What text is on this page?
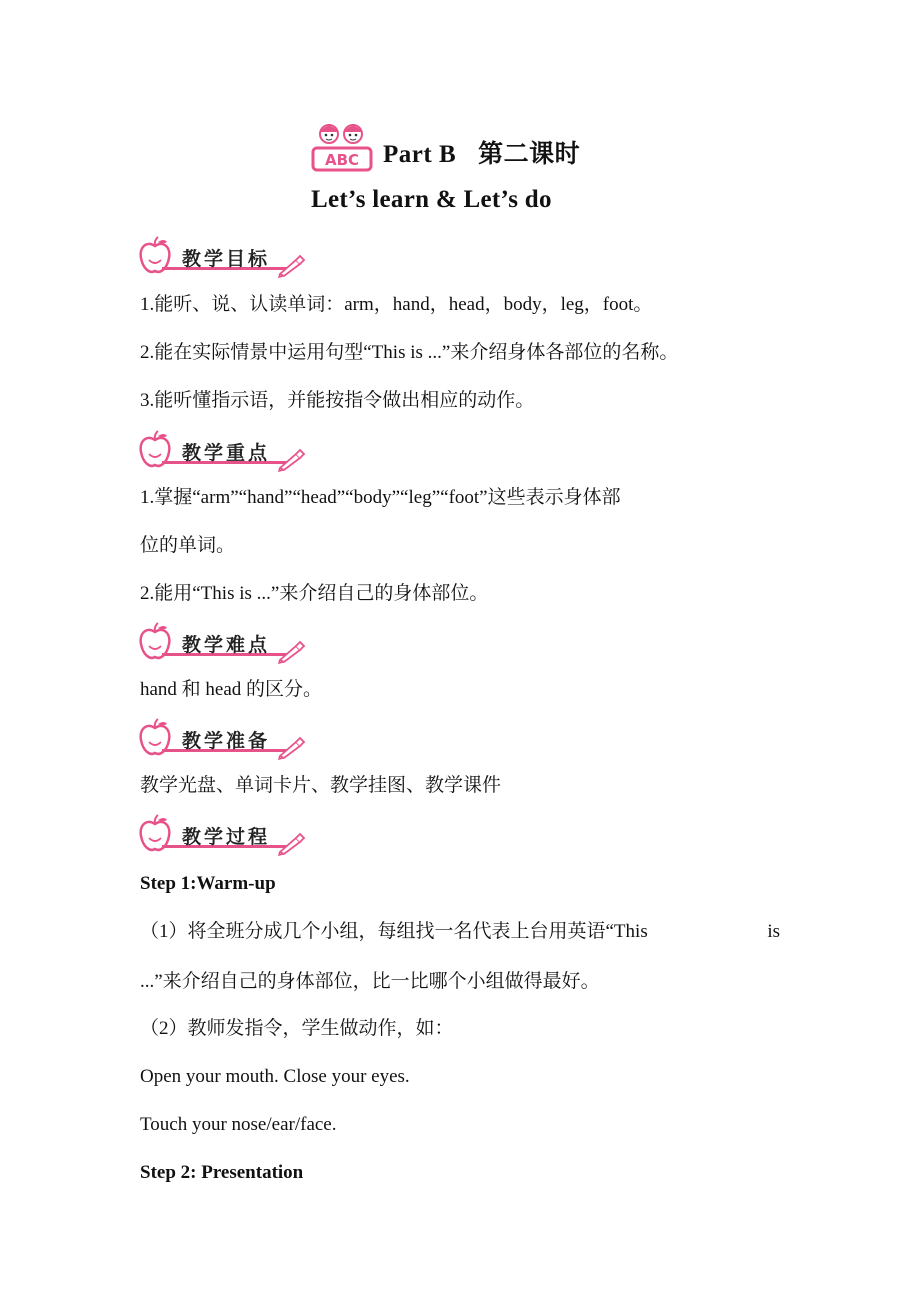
ABC Part B 第二课时
Let’s learn & Let’s do
教学目标
1.能听、说、认读单词：arm，hand，head，body，leg，foot。
2.能在实际情景中运用句型“This is ...”来介绍身体各部位的名称。
3.能听懂指示语，并能按指令做出相应的动作。
教学重点
1.掌握“arm”“hand”“head”“body”“leg”“foot”这些表示身体部
位的单词。
2.能用“This is ...”来介绍自己的身体部位。
教学难点
hand 和 head 的区分。
教学准备
教学光盘、单词卡片、教学挂图、教学课件
教学过程
Step 1:Warm-up
（1）将全班分成几个小组，每组找一名代表上台用英语“This	is
...”来介绍自己的身体部位，比一比哪个小组做得最好。
（2）教师发指令，学生做动作，如：
Open your mouth. Close your eyes.
Touch your nose/ear/face.
Step 2: Presentation
